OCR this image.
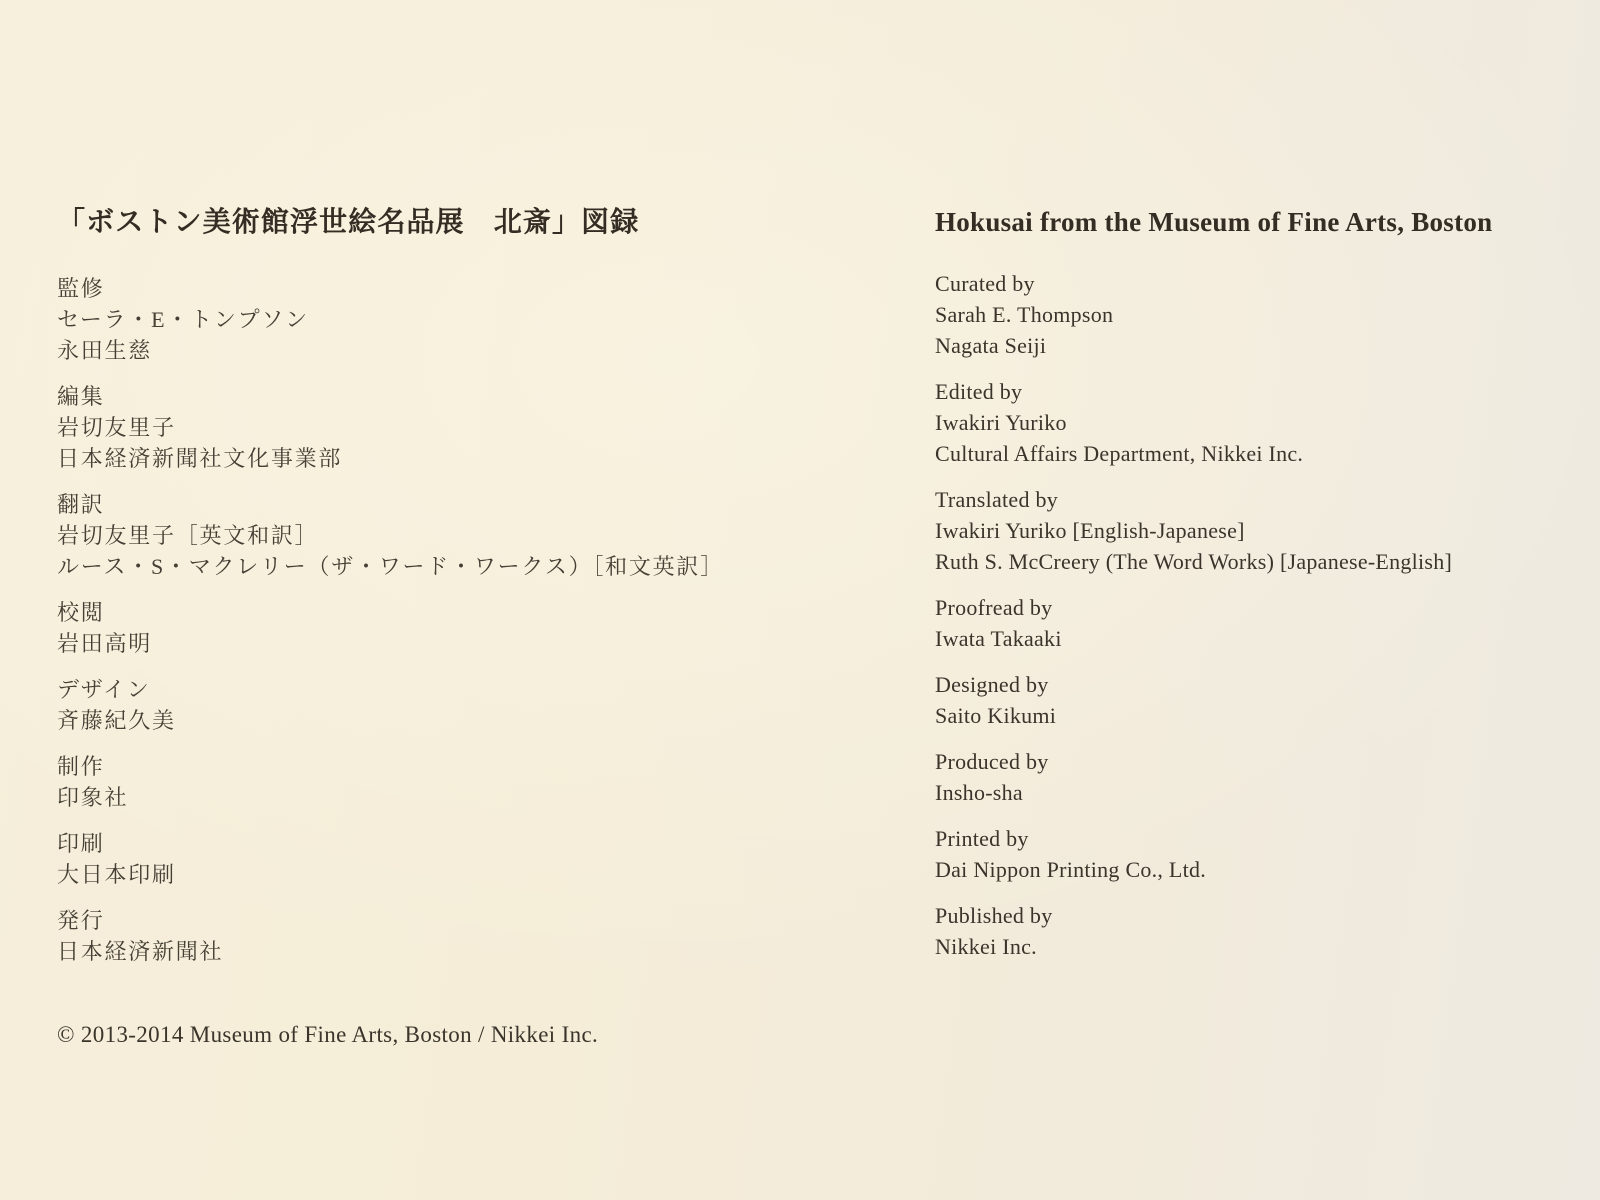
「ボストン美術館浮世絵名品展　北斎」図録
監修
セーラ・E・トンプソン
永田生慈
編集
岩切友里子
日本経済新聞社文化事業部
翻訳
岩切友里子［英文和訳］
ルース・S・マクレリー（ザ・ワード・ワークス）［和文英訳］
校閲
岩田高明
デザイン
斉藤紀久美
制作
印象社
印刷
大日本印刷
発行
日本経済新聞社
Hokusai from the Museum of Fine Arts, Boston
Curated by
Sarah E. Thompson
Nagata Seiji
Edited by
Iwakiri Yuriko
Cultural Affairs Department, Nikkei Inc.
Translated by
Iwakiri Yuriko [English-Japanese]
Ruth S. McCreery (The Word Works) [Japanese-English]
Proofread by
Iwata Takaaki
Designed by
Saito Kikumi
Produced by
Insho-sha
Printed by
Dai Nippon Printing Co., Ltd.
Published by
Nikkei Inc.
© 2013-2014 Museum of Fine Arts, Boston / Nikkei Inc.
